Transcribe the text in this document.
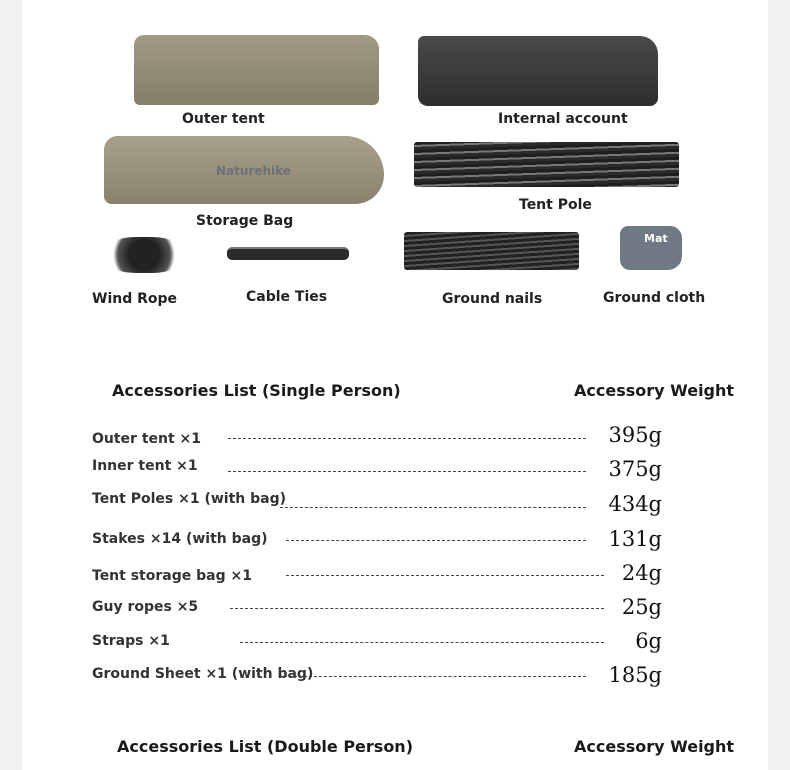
Outer tent	Internal account
Naturehike
Storage Bag
Tent Pole
Wind Rope	Cable Ties	Ground nails
Mat
Ground cloth
Accessories List (Single Person)	Accessory Weight
Outer tent ×1	395g
Inner tent ×1	375g
Tent Poles ×1 (with bag)	434g
Stakes ×14 (with bag)	131g
Tent storage bag ×1	24g
Guy ropes ×5	25g
Straps ×1	6g
Ground Sheet ×1 (with bag)	185g
Accessories List (Double Person)	Accessory Weight
